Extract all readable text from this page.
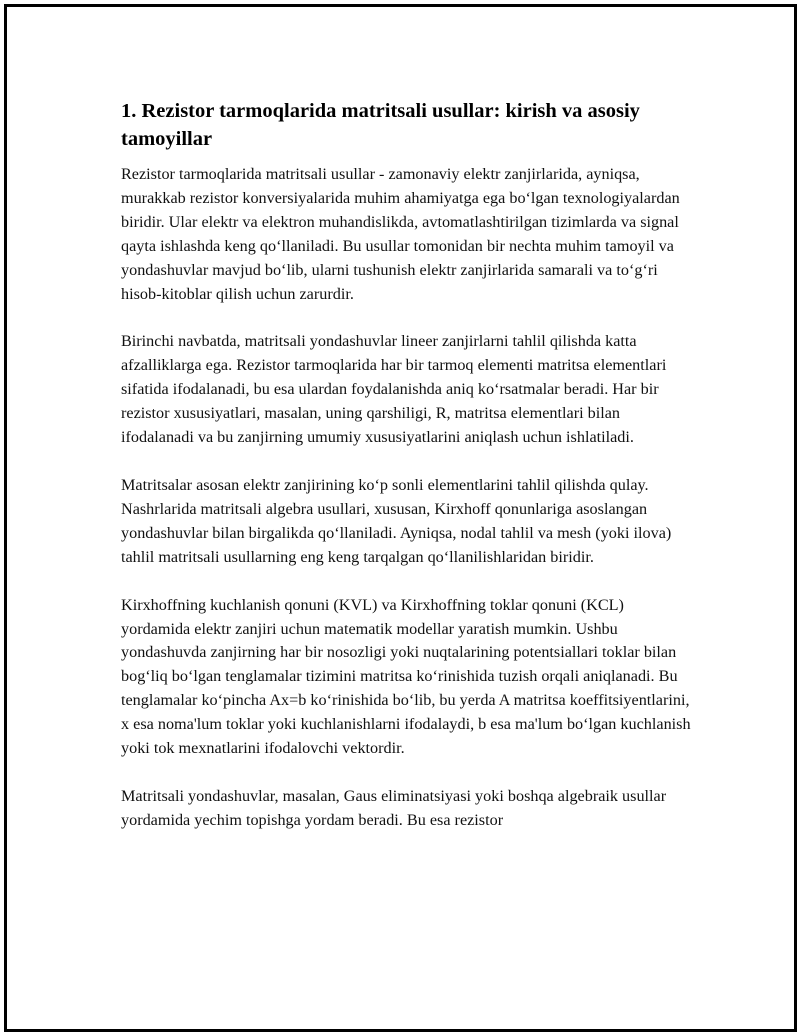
1. Rezistor tarmoqlarida matritsali usullar: kirish va asosiy tamoyillar

Rezistor tarmoqlarida matritsali usullar - zamonaviy elektr zanjirlarida, ayniqsa, murakkab rezistor konversiyalarida muhim ahamiyatga ega bo‘lgan texnologiyalardan biridir. Ular elektr va elektron muhandislikda, avtomatlashtirilgan tizimlarda va signal qayta ishlashda keng qo‘llaniladi. Bu usullar tomonidan bir nechta muhim tamoyil va yondashuvlar mavjud bo‘lib, ularni tushunish elektr zanjirlarida samarali va to‘g‘ri hisob-kitoblar qilish uchun zarurdir.

Birinchi navbatda, matritsali yondashuvlar lineer zanjirlarni tahlil qilishda katta afzalliklarga ega. Rezistor tarmoqlarida har bir tarmoq elementi matritsa elementlari sifatida ifodalanadi, bu esa ulardan foydalanishda aniq ko‘rsatmalar beradi. Har bir rezistor xususiyatlari, masalan, uning qarshiligi, R, matritsa elementlari bilan ifodalanadi va bu zanjirning umumiy xususiyatlarini aniqlash uchun ishlatiladi.

Matritsalar asosan elektr zanjirining ko‘p sonli elementlarini tahlil qilishda qulay. Nashrlarida matritsali algebra usullari, xususan, Kirxhoff qonunlariga asoslangan yondashuvlar bilan birgalikda qo‘llaniladi. Ayniqsa, nodal tahlil va mesh (yoki ilova) tahlil matritsali usullarning eng keng tarqalgan qo‘llanilishlaridan biridir.

Kirxhoffning kuchlanish qonuni (KVL) va Kirxhoffning toklar qonuni (KCL) yordamida elektr zanjiri uchun matematik modellar yaratish mumkin. Ushbu yondashuvda zanjirning har bir nosozligi yoki nuqtalarining potentsiallari toklar bilan bog‘liq bo‘lgan tenglamalar tizimini matritsa ko‘rinishida tuzish orqali aniqlanadi. Bu tenglamalar ko‘pincha Ax=b ko‘rinishida bo‘lib, bu yerda A matritsa koeffitsiyentlarini, x esa noma'lum toklar yoki kuchlanishlarni ifodalaydi, b esa ma'lum bo‘lgan kuchlanish yoki tok mexnatlarini ifodalovchi vektordir.

Matritsali yondashuvlar, masalan, Gaus eliminatsiyasi yoki boshqa algebraik usullar yordamida yechim topishga yordam beradi. Bu esa rezistor
